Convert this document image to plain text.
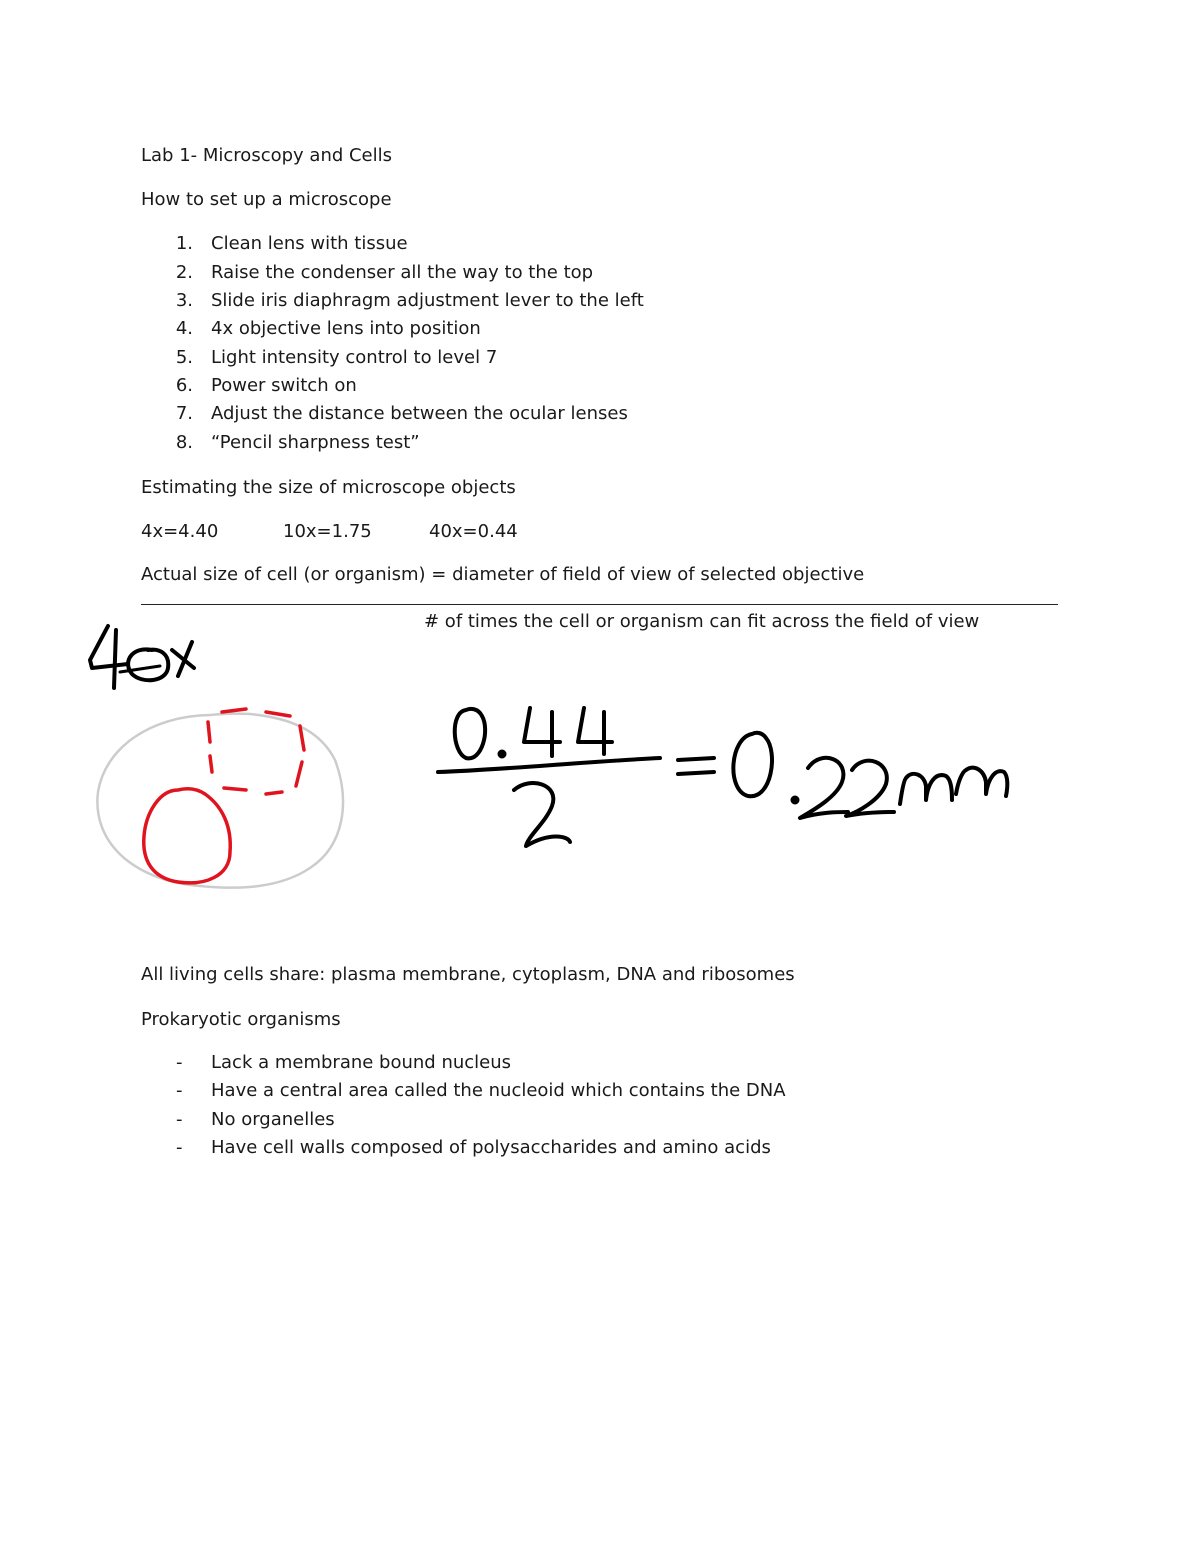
Lab 1- Microscopy and Cells
How to set up a microscope
1. Clean lens with tissue
2. Raise the condenser all the way to the top
3. Slide iris diaphragm adjustment lever to the left
4. 4x objective lens into position
5. Light intensity control to level 7
6. Power switch on
7. Adjust the distance between the ocular lenses
8. “Pencil sharpness test”
Estimating the size of microscope objects
4x=4.40	10x=1.75	40x=0.44
Actual size of cell (or organism) = diameter of field of view of selected objective
# of times the cell or organism can fit across the field of view
All living cells share: plasma membrane, cytoplasm, DNA and ribosomes
Prokaryotic organisms
- Lack a membrane bound nucleus
- Have a central area called the nucleoid which contains the DNA
- No organelles
- Have cell walls composed of polysaccharides and amino acids
